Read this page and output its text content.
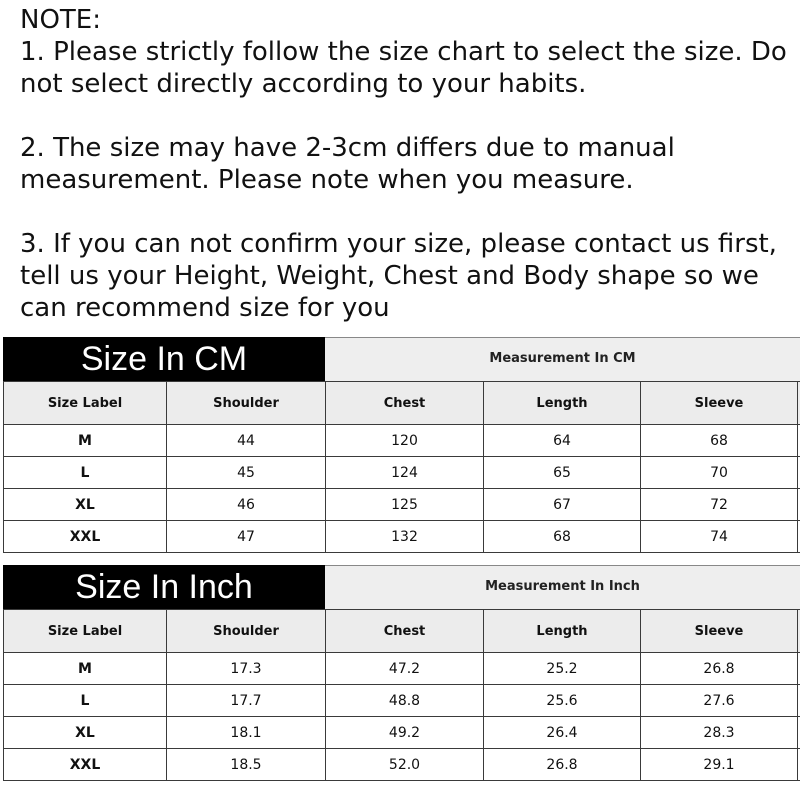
NOTE:

1. Please strictly follow the size chart to select the size. Do not select directly according to your habits.

2. The size may have 2-3cm differs due to manual measurement. Please note when you measure.

3. If you can not confirm your size, please contact us first, tell us your Height, Weight, Chest and Body shape so we can recommend size for you

Size In CM	Measurement In CM
Size Label	Shoulder	Chest	Length	Sleeve	
M	44	120	64	68	
L	45	124	65	70	
XL	46	125	67	72	
XXL	47	132	68	74	
Size In Inch	Measurement In Inch
Size Label	Shoulder	Chest	Length	Sleeve	
M	17.3	47.2	25.2	26.8	
L	17.7	48.8	25.6	27.6	
XL	18.1	49.2	26.4	28.3	
XXL	18.5	52.0	26.8	29.1	
